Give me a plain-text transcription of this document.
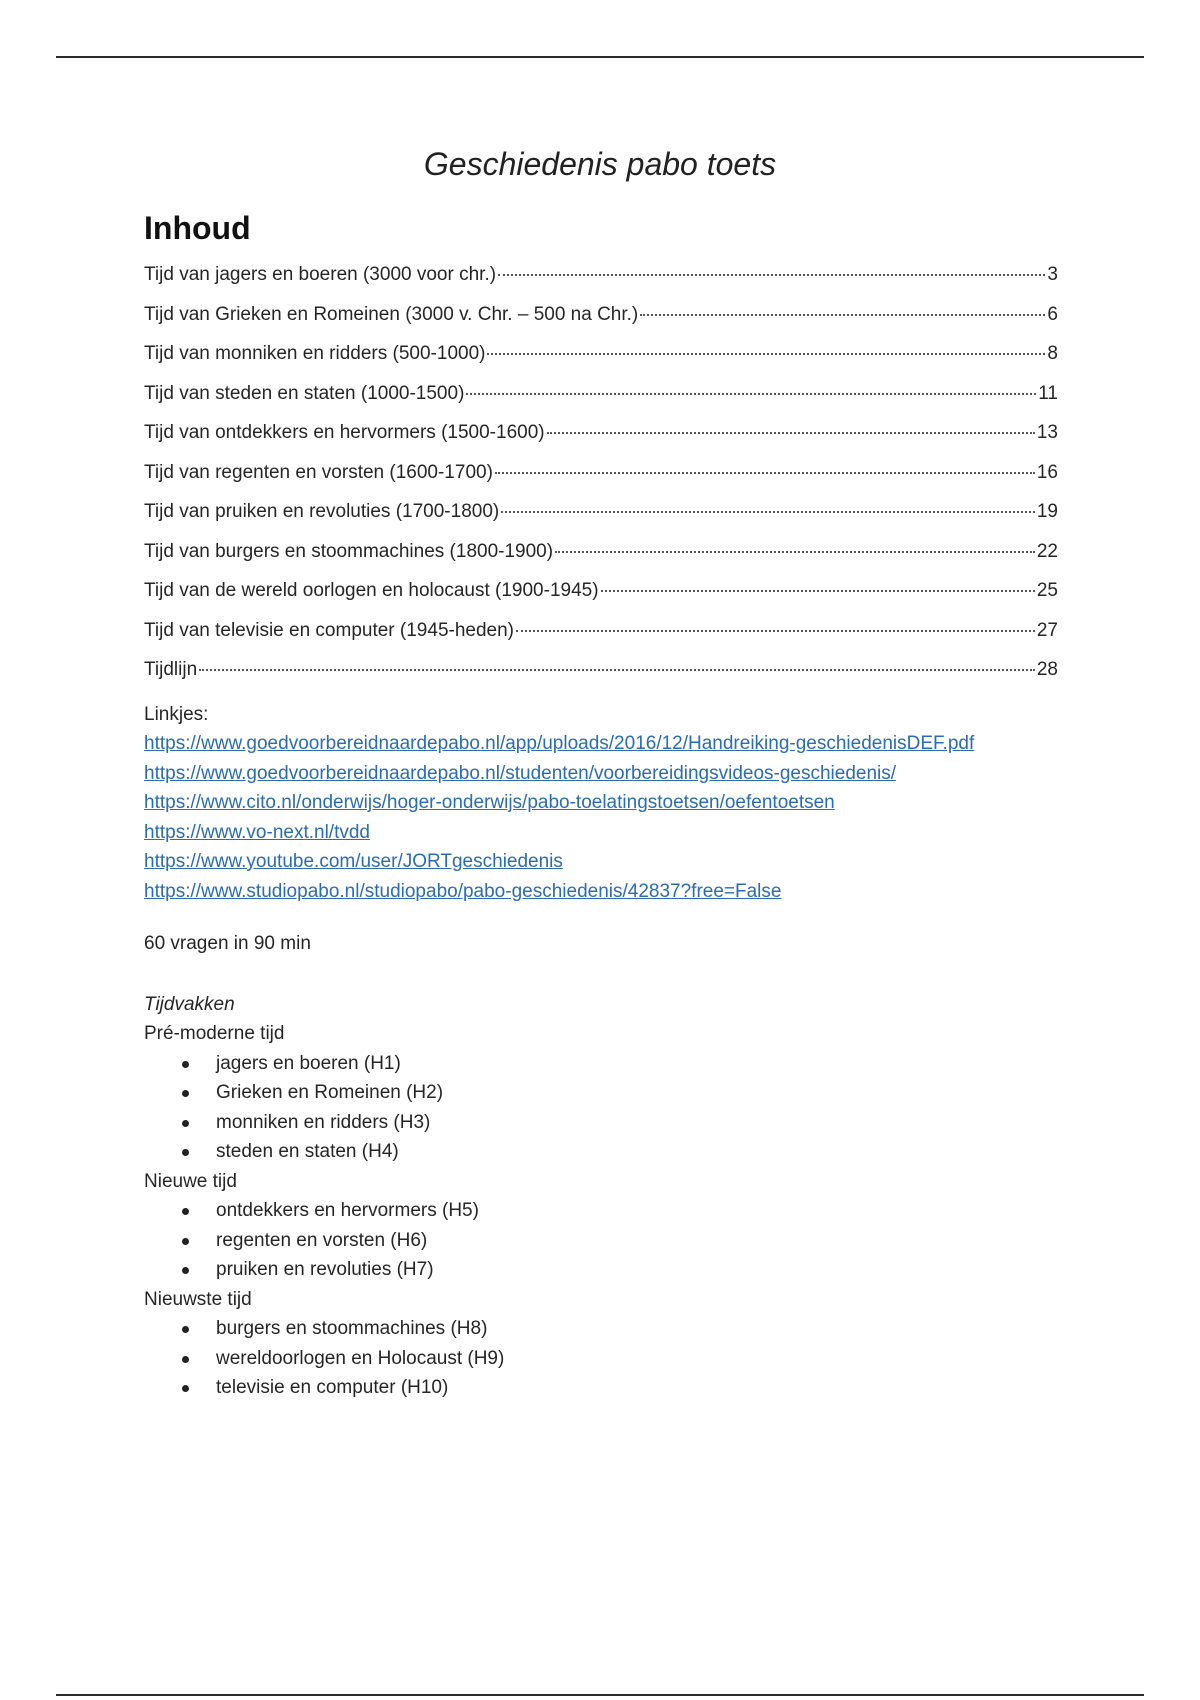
Geschiedenis pabo toets
Inhoud
Tijd van jagers en boeren (3000 voor chr.)	3
Tijd van Grieken en Romeinen (3000 v. Chr. – 500 na Chr.)	6
Tijd van monniken en ridders (500-1000)	8
Tijd van steden en staten (1000-1500)	11
Tijd van ontdekkers en hervormers (1500-1600)	13
Tijd van regenten en vorsten (1600-1700)	16
Tijd van pruiken en revoluties (1700-1800)	19
Tijd van burgers en stoommachines (1800-1900)	22
Tijd van de wereld oorlogen en holocaust (1900-1945)	25
Tijd van televisie en computer (1945-heden)	27
Tijdlijn	28
Linkjes:
https://www.goedvoorbereidnaardepabo.nl/app/uploads/2016/12/Handreiking-geschiedenisDEF.pdf
https://www.goedvoorbereidnaardepabo.nl/studenten/voorbereidingsvideos-geschiedenis/
https://www.cito.nl/onderwijs/hoger-onderwijs/pabo-toelatingstoetsen/oefentoetsen
https://www.vo-next.nl/tvdd
https://www.youtube.com/user/JORTgeschiedenis
https://www.studiopabo.nl/studiopabo/pabo-geschiedenis/42837?free=False
60 vragen in 90 min
Tijdvakken
Pré-moderne tijd
jagers en boeren (H1)
Grieken en Romeinen (H2)
monniken en ridders (H3)
steden en staten (H4)
Nieuwe tijd
ontdekkers en hervormers (H5)
regenten en vorsten (H6)
pruiken en revoluties (H7)
Nieuwste tijd
burgers en stoommachines (H8)
wereldoorlogen en Holocaust (H9)
televisie en computer (H10)
